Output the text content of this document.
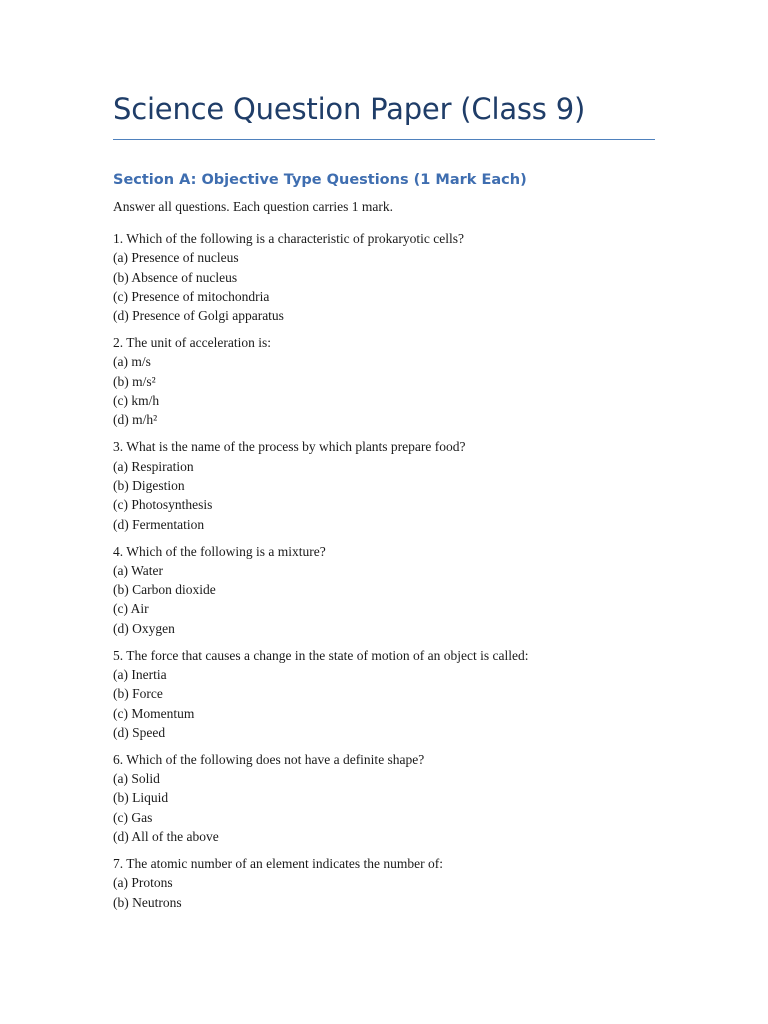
Science Question Paper (Class 9)
Section A: Objective Type Questions (1 Mark Each)

Answer all questions. Each question carries 1 mark.

1. Which of the following is a characteristic of prokaryotic cells?
(a) Presence of nucleus
(b) Absence of nucleus
(c) Presence of mitochondria
(d) Presence of Golgi apparatus
2. The unit of acceleration is:
(a) m/s
(b) m/s²
(c) km/h
(d) m/h²
3. What is the name of the process by which plants prepare food?
(a) Respiration
(b) Digestion
(c) Photosynthesis
(d) Fermentation
4. Which of the following is a mixture?
(a) Water
(b) Carbon dioxide
(c) Air
(d) Oxygen
5. The force that causes a change in the state of motion of an object is called:
(a) Inertia
(b) Force
(c) Momentum
(d) Speed
6. Which of the following does not have a definite shape?
(a) Solid
(b) Liquid
(c) Gas
(d) All of the above
7. The atomic number of an element indicates the number of:
(a) Protons
(b) Neutrons
